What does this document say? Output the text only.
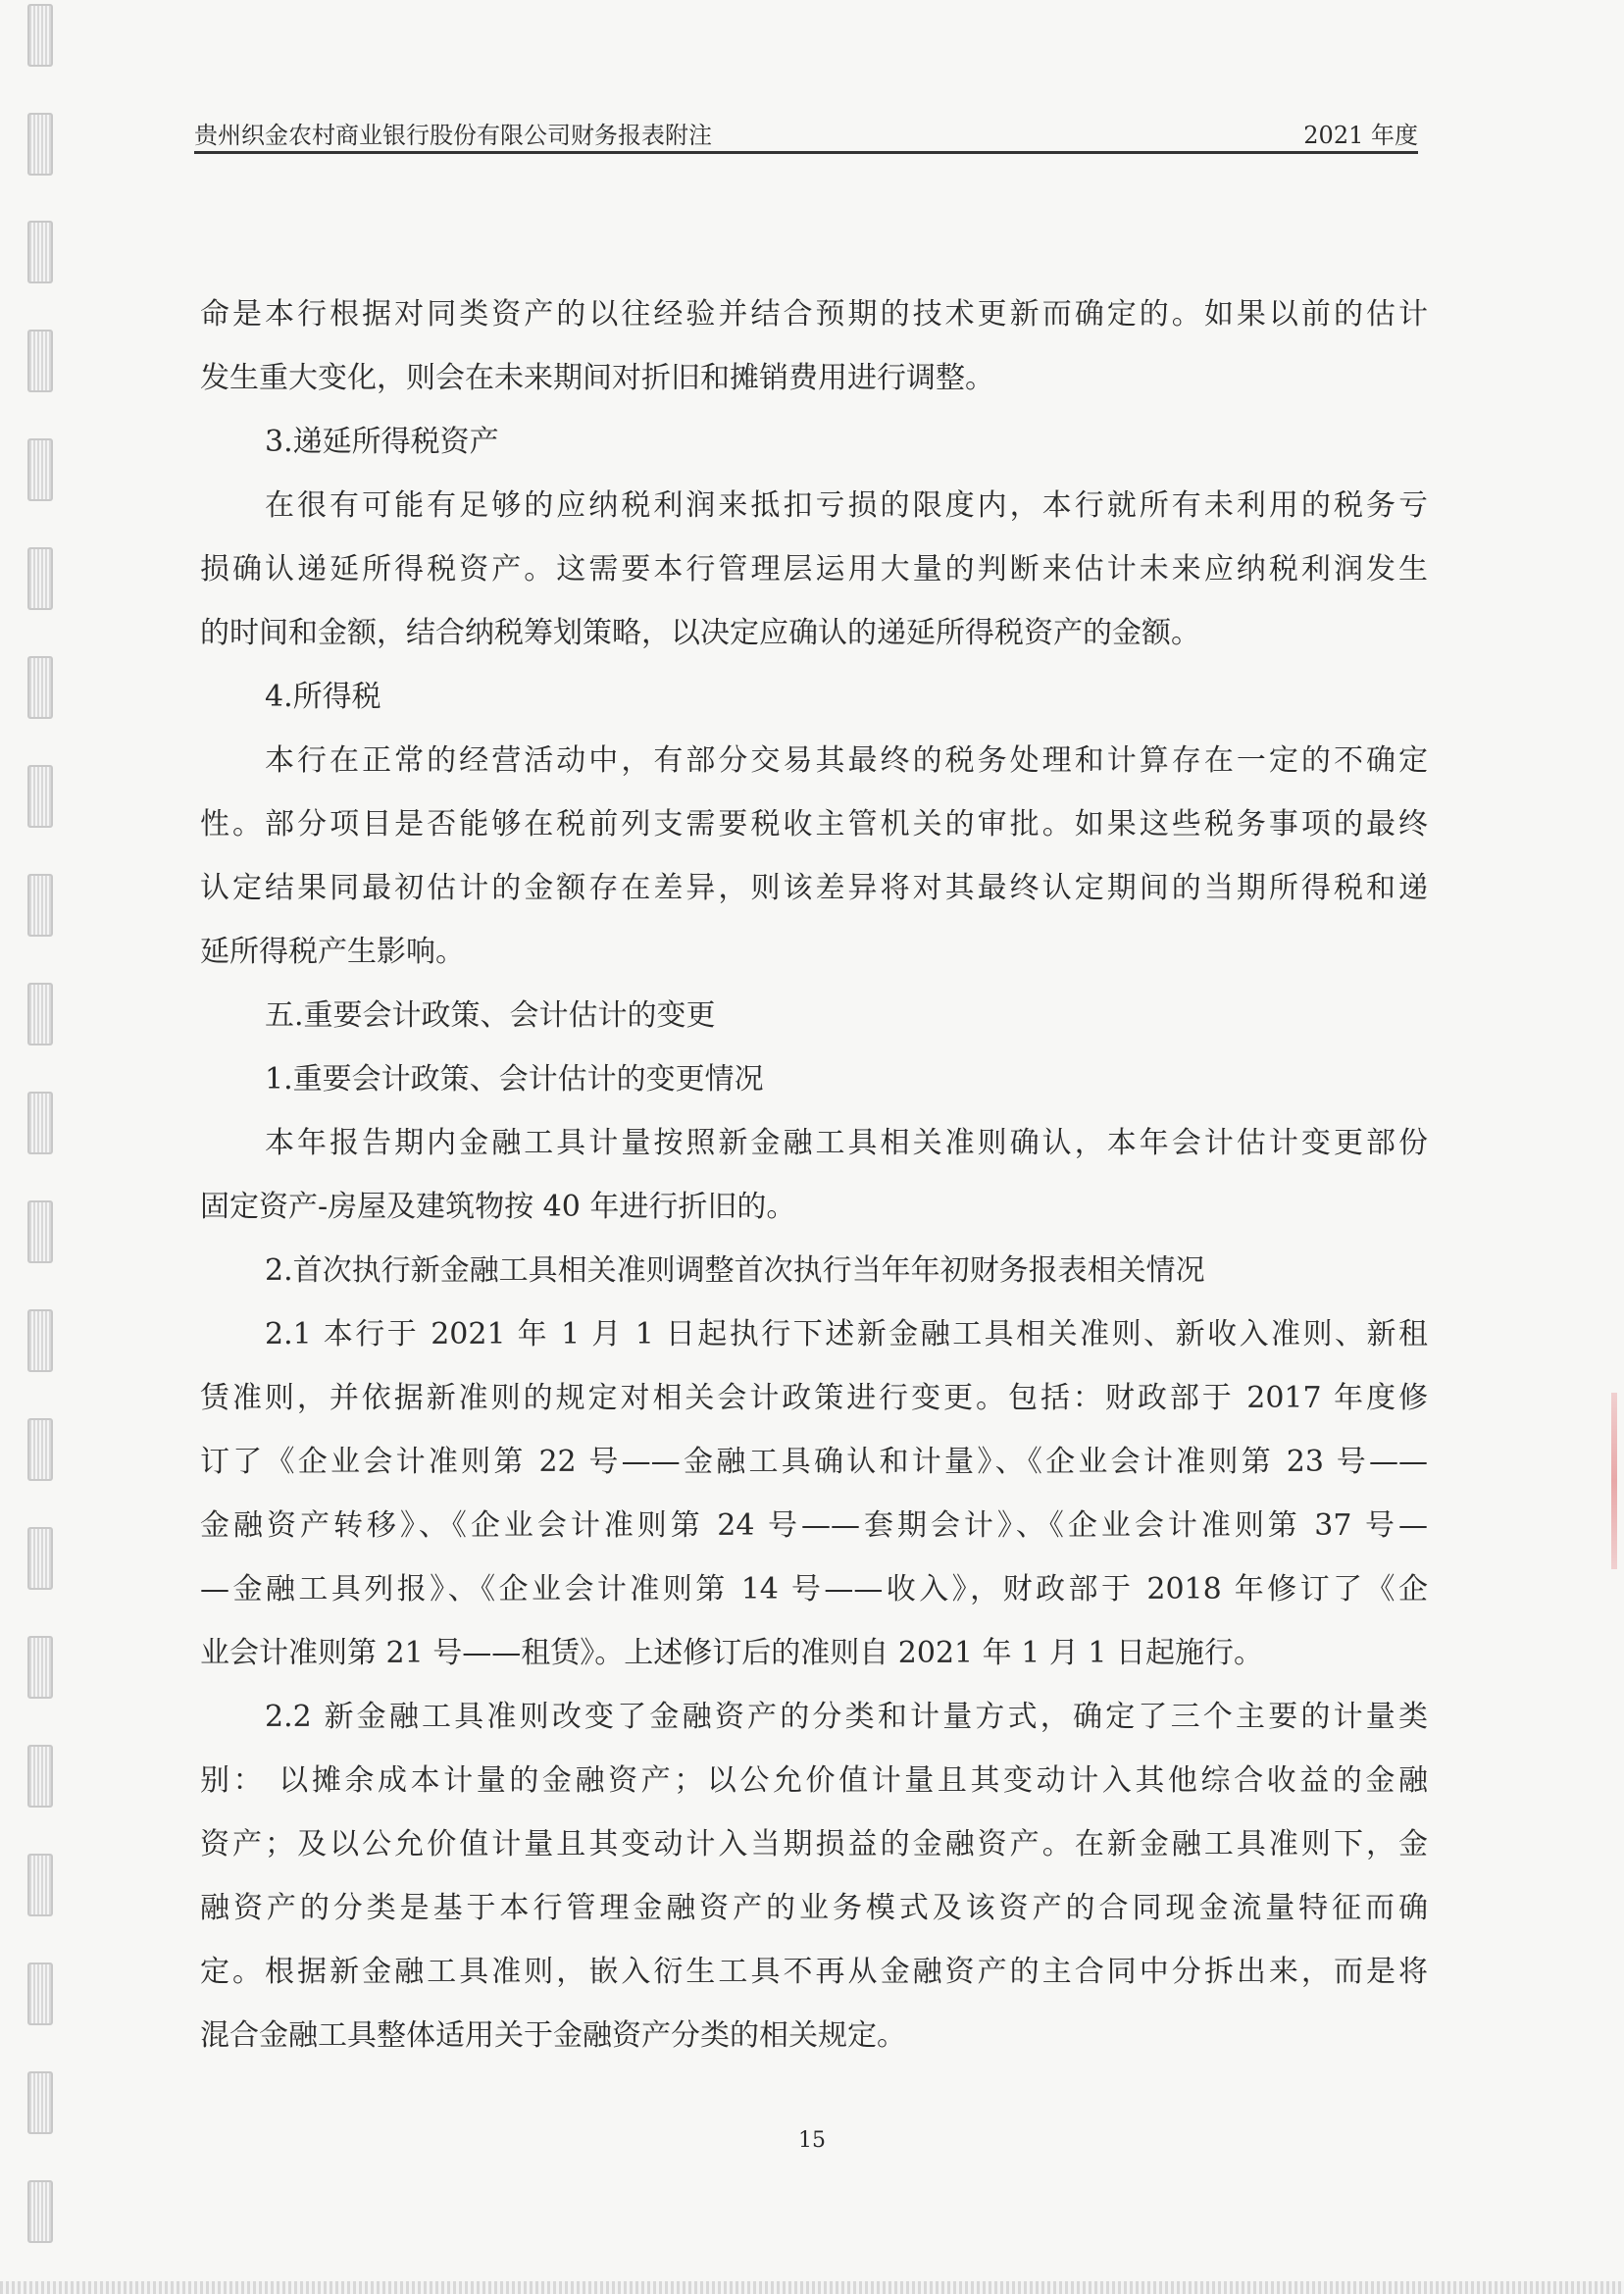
贵州织金农村商业银行股份有限公司财务报表附注	2021 年度
命是本行根据对同类资产的以往经验并结合预期的技术更新而确定的。如果以前的估计
发生重大变化，则会在未来期间对折旧和摊销费用进行调整。
3.递延所得税资产
在很有可能有足够的应纳税利润来抵扣亏损的限度内，本行就所有未利用的税务亏
损确认递延所得税资产。这需要本行管理层运用大量的判断来估计未来应纳税利润发生
的时间和金额，结合纳税筹划策略，以决定应确认的递延所得税资产的金额。
4.所得税
本行在正常的经营活动中，有部分交易其最终的税务处理和计算存在一定的不确定
性。部分项目是否能够在税前列支需要税收主管机关的审批。如果这些税务事项的最终
认定结果同最初估计的金额存在差异，则该差异将对其最终认定期间的当期所得税和递
延所得税产生影响。
五.重要会计政策、会计估计的变更
1.重要会计政策、会计估计的变更情况
本年报告期内金融工具计量按照新金融工具相关准则确认，本年会计估计变更部份
固定资产-房屋及建筑物按 40 年进行折旧的。
2.首次执行新金融工具相关准则调整首次执行当年年初财务报表相关情况
2.1 本行于 2021 年 1 月 1 日起执行下述新金融工具相关准则、新收入准则、新租
赁准则，并依据新准则的规定对相关会计政策进行变更。包括：财政部于 2017 年度修
订了《企业会计准则第 22 号——金融工具确认和计量》、《企业会计准则第 23 号——
金融资产转移》、《企业会计准则第 24 号——套期会计》、《企业会计准则第 37 号—
—金融工具列报》、《企业会计准则第 14 号——收入》，财政部于 2018 年修订了《企
业会计准则第 21 号——租赁》。上述修订后的准则自 2021 年 1 月 1 日起施行。
2.2 新金融工具准则改变了金融资产的分类和计量方式，确定了三个主要的计量类
别： 以摊余成本计量的金融资产；以公允价值计量且其变动计入其他综合收益的金融
资产；及以公允价值计量且其变动计入当期损益的金融资产。在新金融工具准则下，金
融资产的分类是基于本行管理金融资产的业务模式及该资产的合同现金流量特征而确
定。根据新金融工具准则，嵌入衍生工具不再从金融资产的主合同中分拆出来，而是将
混合金融工具整体适用关于金融资产分类的相关规定。
15
